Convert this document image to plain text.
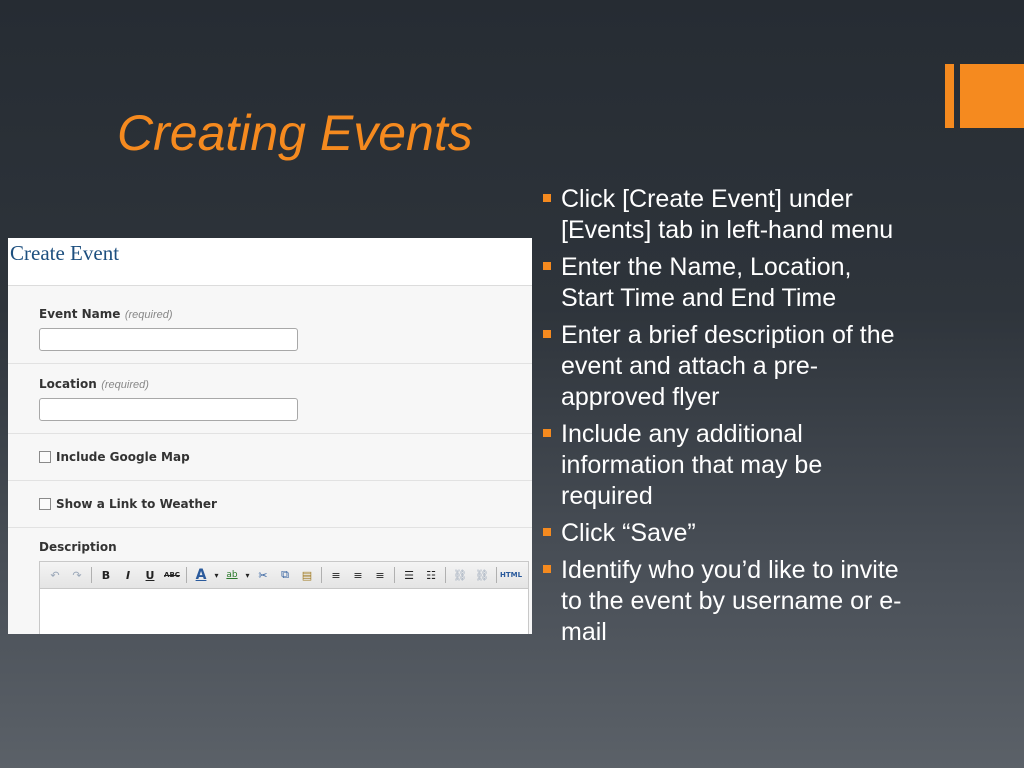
Creating Events
Click [Create Event] under [Events] tab in left-hand menu
Enter the Name, Location, Start Time and End Time
Enter a brief description of the event and attach a pre-approved flyer
Include any additional information that may be required
Click “Save”
Identify who you’d like to invite to the event by username or e-mail
Create Event
Event Name (required)
Location (required)
Include Google Map
Show a Link to Weather
Description
↶	↷	B	I	U	ABC	A	▾ ab ▾ ✂	⧉	▤	≡	≡	≡	☰	☷	⛓ ⛓	HTML
